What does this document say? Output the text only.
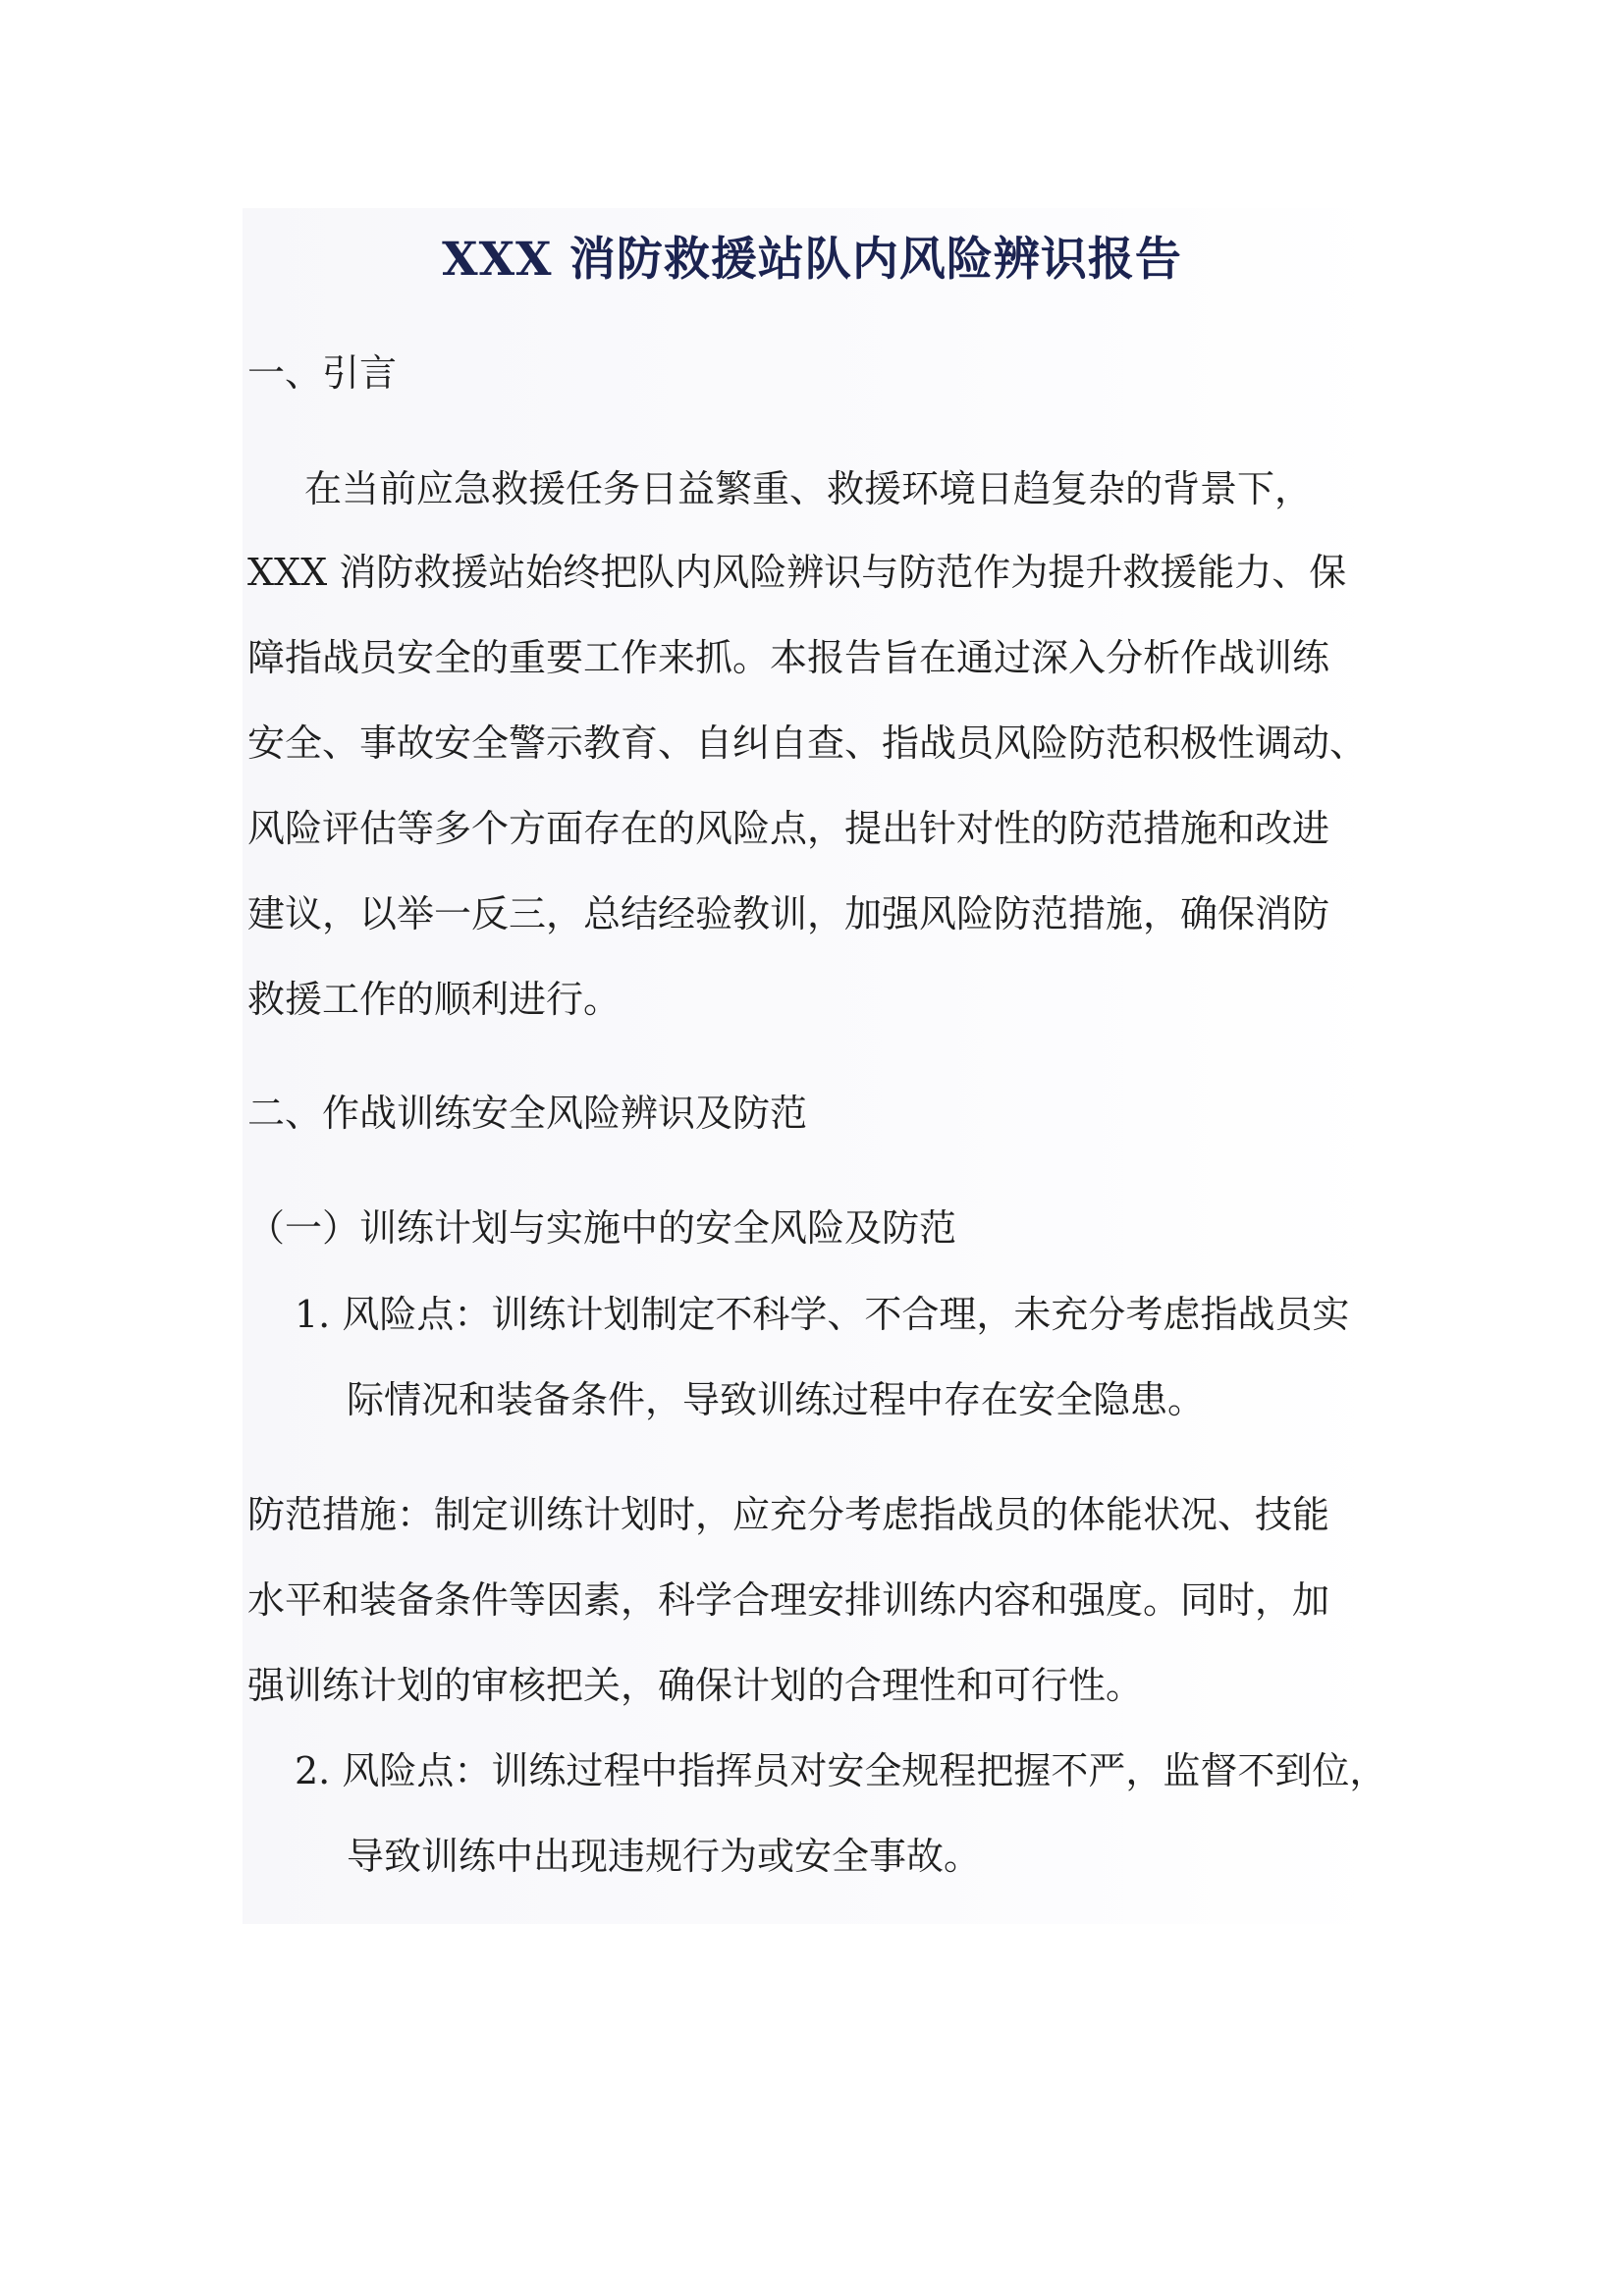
XXX 消防救援站队内风险辨识报告
一、引言
在当前应急救援任务日益繁重、救援环境日趋复杂的背景下，
XXX 消防救援站始终把队内风险辨识与防范作为提升救援能力、保
障指战员安全的重要工作来抓。本报告旨在通过深入分析作战训练
安全、事故安全警示教育、自纠自查、指战员风险防范积极性调动、
风险评估等多个方面存在的风险点，提出针对性的防范措施和改进
建议，以举一反三，总结经验教训，加强风险防范措施，确保消防
救援工作的顺利进行。
二、作战训练安全风险辨识及防范
（一）训练计划与实施中的安全风险及防范
1. 风险点：训练计划制定不科学、不合理，未充分考虑指战员实
际情况和装备条件，导致训练过程中存在安全隐患。
防范措施：制定训练计划时，应充分考虑指战员的体能状况、技能
水平和装备条件等因素，科学合理安排训练内容和强度。同时，加
强训练计划的审核把关，确保计划的合理性和可行性。
2. 风险点：训练过程中指挥员对安全规程把握不严，监督不到位，
导致训练中出现违规行为或安全事故。
